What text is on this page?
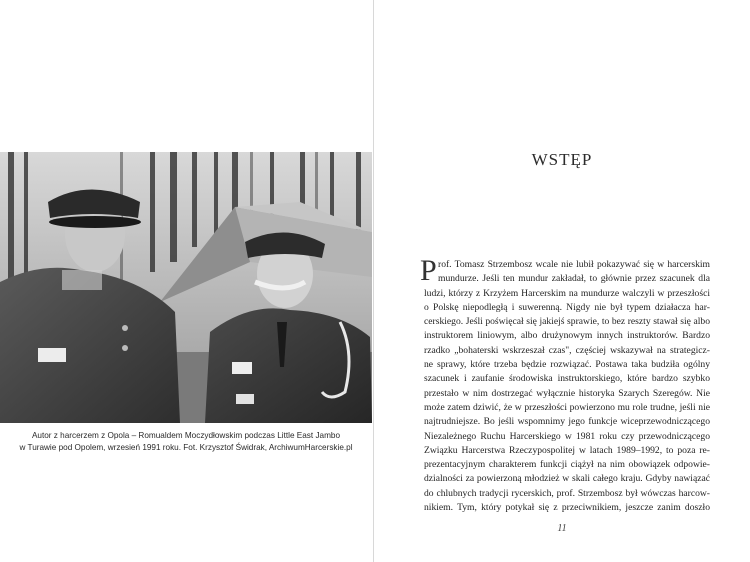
Autor z harcerzem z Opola – Romualdem Moczydłowskim podczas Little East Jambo
w Turawie pod Opolem, wrzesień 1991 roku. Fot. Krzysztof Świdrak, ArchiwumHarcerskie.pl
WSTĘP
P rof. Tomasz Strzembosz wcale nie lubił pokazywać się w harcerskim
mundurze. Jeśli ten mundur zakładał, to głównie przez szacunek dla
ludzi, którzy z Krzyżem Harcerskim na mundurze walczyli w przeszłości
o Polskę niepodległą i suwerenną. Nigdy nie był typem działacza har-
cerskiego. Jeśli poświęcał się jakiejś sprawie, to bez reszty stawał się albo
instruktorem liniowym, albo drużynowym innych instruktorów. Bardzo
rzadko „bohaterski wskrzeszał czas", częściej wskazywał na strategicz-
ne sprawy, które trzeba będzie rozwiązać. Postawa taka budziła ogólny
szacunek i zaufanie środowiska instruktorskiego, które bardzo szybko
przestało w nim dostrzegać wyłącznie historyka Szarych Szeregów. Nie
może zatem dziwić, że w przeszłości powierzono mu role trudne, jeśli nie
najtrudniejsze. Bo jeśli wspomnimy jego funkcje wiceprzewodniczącego
Niezależnego Ruchu Harcerskiego w 1981 roku czy przewodniczącego
Związku Harcerstwa Rzeczypospolitej w latach 1989–1992, to poza re-
prezentacyjnym charakterem funkcji ciążył na nim obowiązek odpowie-
dzialności za powierzoną młodzież w skali całego kraju. Gdyby nawiązać
do chlubnych tradycji rycerskich, prof. Strzembosz był wówczas harcow-
nikiem. Tym, który potykał się z przeciwnikiem, jeszcze zanim doszło
11
